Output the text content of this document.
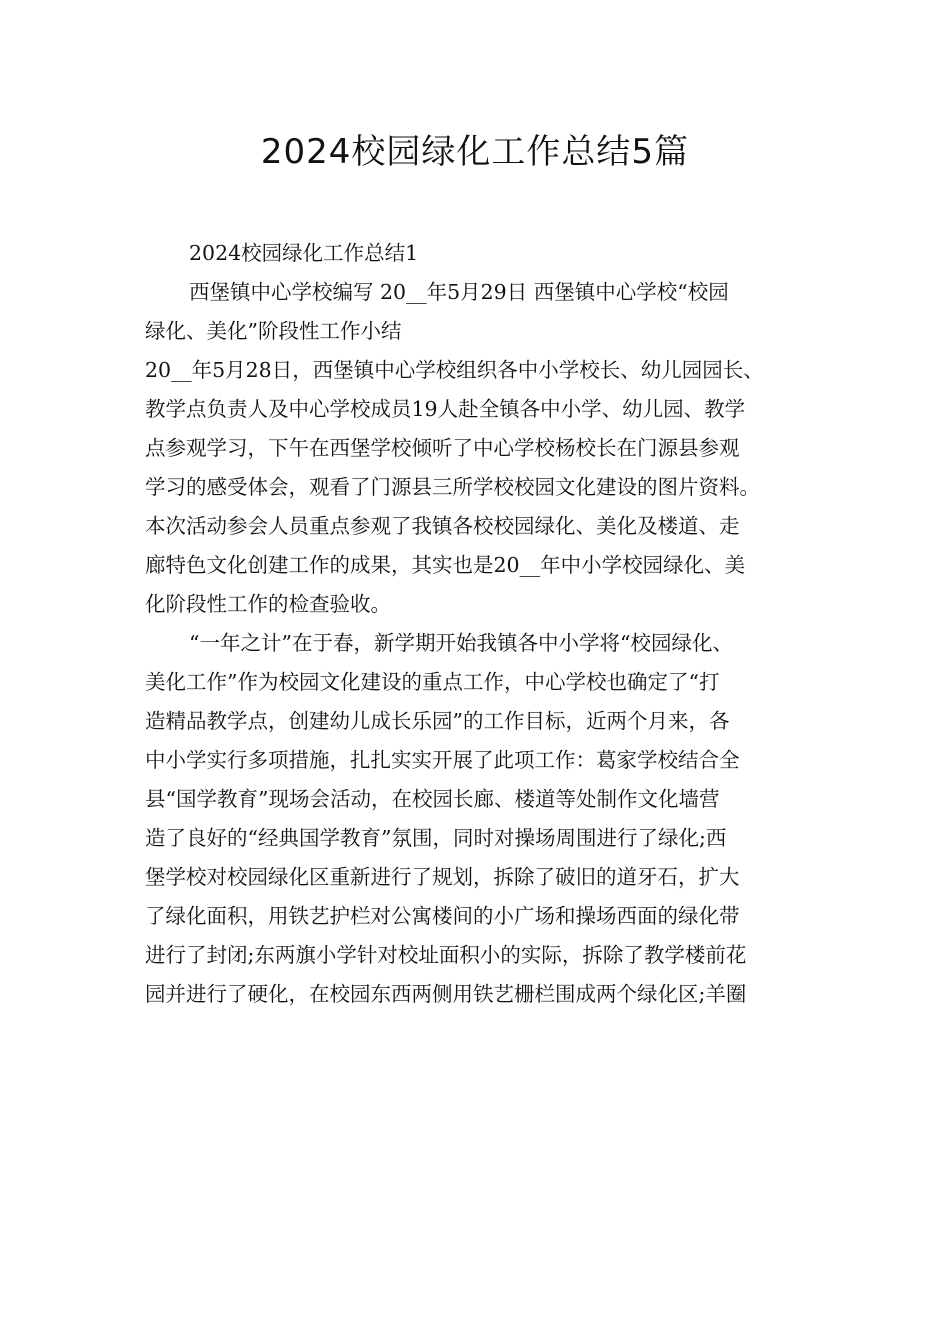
2024校园绿化工作总结5篇

2024校园绿化工作总结1

西堡镇中心学校编写 20__年5月29日 西堡镇中心学校“校园

绿化、美化”阶段性工作小结

20__年5月28日，西堡镇中心学校组织各中小学校长、幼儿园园长、

教学点负责人及中心学校成员19人赴全镇各中小学、幼儿园、教学

点参观学习，下午在西堡学校倾听了中心学校杨校长在门源县参观

学习的感受体会，观看了门源县三所学校校园文化建设的图片资料。

本次活动参会人员重点参观了我镇各校校园绿化、美化及楼道、走

廊特色文化创建工作的成果，其实也是20__年中小学校园绿化、美

化阶段性工作的检查验收。

“一年之计”在于春，新学期开始我镇各中小学将“校园绿化、

美化工作”作为校园文化建设的重点工作，中心学校也确定了“打

造精品教学点，创建幼儿成长乐园”的工作目标，近两个月来，各

中小学实行多项措施，扎扎实实开展了此项工作：葛家学校结合全

县“国学教育”现场会活动，在校园长廊、楼道等处制作文化墙营

造了良好的“经典国学教育”氛围，同时对操场周围进行了绿化;西

堡学校对校园绿化区重新进行了规划，拆除了破旧的道牙石，扩大

了绿化面积，用铁艺护栏对公寓楼间的小广场和操场西面的绿化带

进行了封闭;东两旗小学针对校址面积小的实际，拆除了教学楼前花

园并进行了硬化，在校园东西两侧用铁艺栅栏围成两个绿化区;羊圈
